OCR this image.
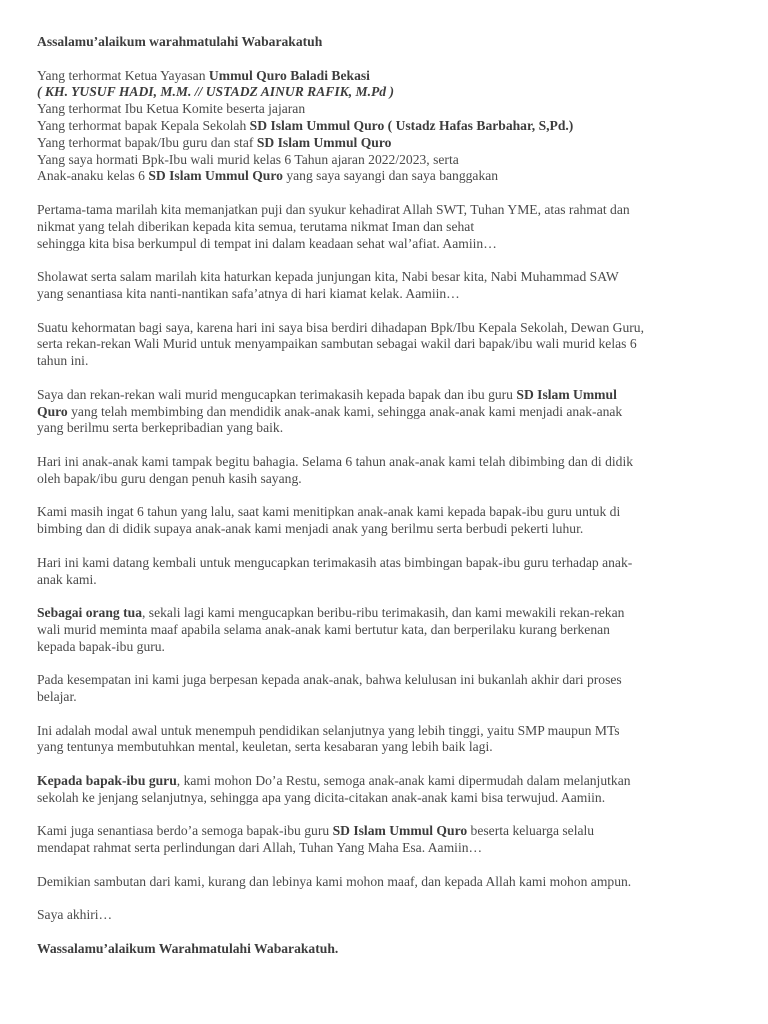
Assalamu’alaikum warahmatulahi Wabarakatuh

Yang terhormat Ketua Yayasan Ummul Quro Baladi Bekasi

( KH. YUSUF HADI, M.M. // USTADZ AINUR RAFIK, M.Pd )

Yang terhormat Ibu Ketua Komite beserta jajaran

Yang terhormat bapak Kepala Sekolah SD Islam Ummul Quro ( Ustadz Hafas Barbahar, S,Pd.)

Yang terhormat bapak/Ibu guru dan staf SD Islam Ummul Quro

Yang saya hormati Bpk-Ibu wali murid kelas 6 Tahun ajaran 2022/2023, serta

Anak-anaku kelas 6 SD Islam Ummul Quro yang saya sayangi dan saya banggakan

Pertama-tama marilah kita memanjatkan puji dan syukur kehadirat Allah SWT, Tuhan YME, atas rahmat dan

nikmat yang telah diberikan kepada kita semua, terutama nikmat Iman dan sehat

sehingga kita bisa berkumpul di tempat ini dalam keadaan sehat wal’afiat. Aamiin…

Sholawat serta salam marilah kita haturkan kepada junjungan kita, Nabi besar kita, Nabi Muhammad SAW

yang senantiasa kita nanti-nantikan safa’atnya di hari kiamat kelak. Aamiin…

Suatu kehormatan bagi saya, karena hari ini saya bisa berdiri dihadapan Bpk/Ibu Kepala Sekolah, Dewan Guru,

serta rekan-rekan Wali Murid untuk menyampaikan sambutan sebagai wakil dari bapak/ibu wali murid kelas 6

tahun ini.

Saya dan rekan-rekan wali murid mengucapkan terimakasih kepada bapak dan ibu guru SD Islam Ummul

Quro yang telah membimbing dan mendidik anak-anak kami, sehingga anak-anak kami menjadi anak-anak

yang berilmu serta berkepribadian yang baik.

Hari ini anak-anak kami tampak begitu bahagia. Selama 6 tahun anak-anak kami telah dibimbing dan di didik

oleh bapak/ibu guru dengan penuh kasih sayang.

Kami masih ingat 6 tahun yang lalu, saat kami menitipkan anak-anak kami kepada bapak-ibu guru untuk di

bimbing dan di didik supaya anak-anak kami menjadi anak yang berilmu serta berbudi pekerti luhur.

Hari ini kami datang kembali untuk mengucapkan terimakasih atas bimbingan bapak-ibu guru terhadap anak-

anak kami.

Sebagai orang tua, sekali lagi kami mengucapkan beribu-ribu terimakasih, dan kami mewakili rekan-rekan

wali murid meminta maaf apabila selama anak-anak kami bertutur kata, dan berperilaku kurang berkenan

kepada bapak-ibu guru.

Pada kesempatan ini kami juga berpesan kepada anak-anak, bahwa kelulusan ini bukanlah akhir dari proses

belajar.

Ini adalah modal awal untuk menempuh pendidikan selanjutnya yang lebih tinggi, yaitu SMP maupun MTs

yang tentunya membutuhkan mental, keuletan, serta kesabaran yang lebih baik lagi.

Kepada bapak-ibu guru, kami mohon Do’a Restu, semoga anak-anak kami dipermudah dalam melanjutkan

sekolah ke jenjang selanjutnya, sehingga apa yang dicita-citakan anak-anak kami bisa terwujud. Aamiin.

Kami juga senantiasa berdo’a semoga bapak-ibu guru SD Islam Ummul Quro beserta keluarga selalu

mendapat rahmat serta perlindungan dari Allah, Tuhan Yang Maha Esa. Aamiin…

Demikian sambutan dari kami, kurang dan lebinya kami mohon maaf, dan kepada Allah kami mohon ampun.

Saya akhiri…

Wassalamu’alaikum Warahmatulahi Wabarakatuh.
